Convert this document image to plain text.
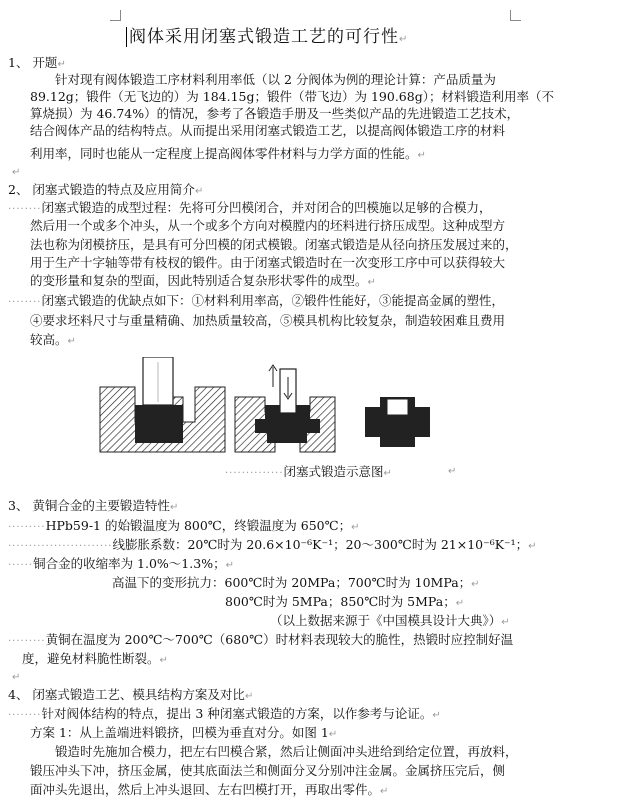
阀体采用闭塞式锻造工艺的可行性↵
1、 开题↵
针对现有阀体锻造工序材料利用率低（以 2 分阀体为例的理论计算：产品质量为
89.12g；锻件（无飞边的）为 184.15g；锻件（带飞边）为 190.68g）；材料锻造利用率（不
算烧损）为 46.74%）的情况，参考了各锻造手册及一些类似产品的先进锻造工艺技术，
结合阀体产品的结构特点。从而提出采用闭塞式锻造工艺，以提高阀体锻造工序的材料
利用率，同时也能从一定程度上提高阀体零件材料与力学方面的性能。↵
↵
2、 闭塞式锻造的特点及应用简介↵
········闭塞式锻造的成型过程：先将可分凹模闭合，并对闭合的凹模施以足够的合模力，
然后用一个或多个冲头，从一个或多个方向对模膛内的坯料进行挤压成型。这种成型方
法也称为闭模挤压，是具有可分凹模的闭式模锻。闭塞式锻造是从径向挤压发展过来的，
用于生产十字轴等带有枝杈的锻件。由于闭塞式锻造时在一次变形工序中可以获得较大
的变形量和复杂的型面，因此特别适合复杂形状零件的成型。↵
········闭塞式锻造的优缺点如下：①材料利用率高，②锻件性能好，③能提高金属的塑性，
④要求坯料尺寸与重量精确、加热质量较高，⑤模具机构比较复杂，制造较困难且费用
较高。↵
··············闭塞式锻造示意图↵	↵
3、 黄铜合金的主要锻造特性↵
·········HPb59-1 的始锻温度为 800℃，终锻温度为 650℃；↵
·························线膨胀系数：20℃时为 20.6×10⁻⁶K⁻¹；20～300℃时为 21×10⁻⁶K⁻¹；↵
······铜合金的收缩率为 1.0%～1.3%；↵
高温下的变形抗力：600℃时为 20MPa；700℃时为 10MPa；↵
800℃时为 5MPa；850℃时为 5MPa；↵
（以上数据来源于《中国模具设计大典》）↵
·········黄铜在温度为 200℃～700℃（680℃）时材料表现较大的脆性，热锻时应控制好温
度，避免材料脆性断裂。↵
↵
4、 闭塞式锻造工艺、模具结构方案及对比↵
········针对阀体结构的特点，提出 3 种闭塞式锻造的方案，以作参考与论证。↵
方案 1：从上盖端进料锻挤，凹模为垂直对分。如图 1↵
锻造时先施加合模力，把左右凹模合紧，然后让侧面冲头进给到给定位置，再放料，
锻压冲头下冲，挤压金属，使其底面法兰和侧面分叉分别冲注金属。金属挤压完后，侧
面冲头先退出，然后上冲头退回、左右凹模打开，再取出零件。↵
